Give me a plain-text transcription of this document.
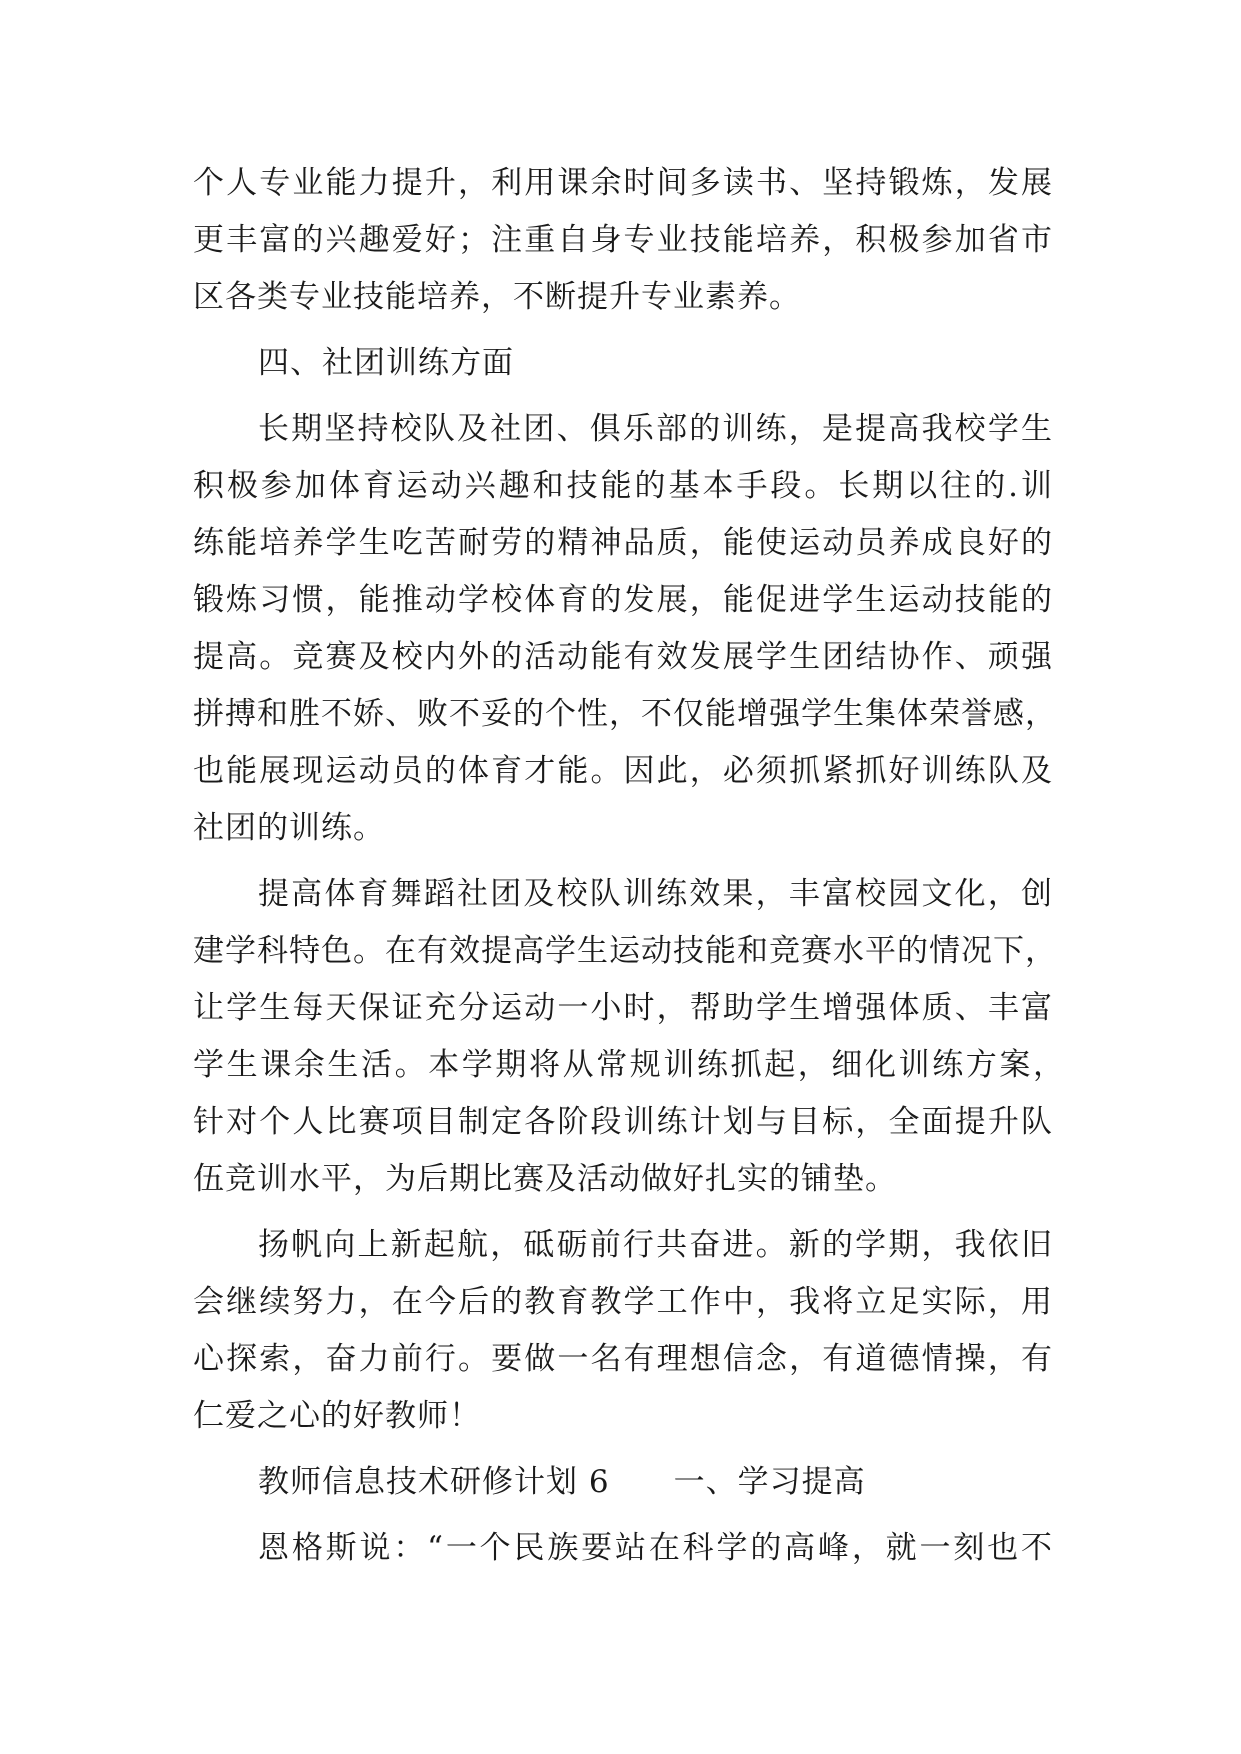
个人专业能力提升，利用课余时间多读书、坚持锻炼，发展
更丰富的兴趣爱好；注重自身专业技能培养，积极参加省市
区各类专业技能培养，不断提升专业素养。
四、社团训练方面
长期坚持校队及社团、俱乐部的训练，是提高我校学生
积极参加体育运动兴趣和技能的基本手段。长期以往的.训
练能培养学生吃苦耐劳的精神品质，能使运动员养成良好的
锻炼习惯，能推动学校体育的发展，能促进学生运动技能的
提高。竞赛及校内外的活动能有效发展学生团结协作、顽强
拼搏和胜不娇、败不妥的个性，不仅能增强学生集体荣誉感，
也能展现运动员的体育才能。因此，必须抓紧抓好训练队及
社团的训练。
提高体育舞蹈社团及校队训练效果，丰富校园文化，创
建学科特色。在有效提高学生运动技能和竞赛水平的情况下，
让学生每天保证充分运动一小时，帮助学生增强体质、丰富
学生课余生活。本学期将从常规训练抓起，细化训练方案，
针对个人比赛项目制定各阶段训练计划与目标，全面提升队
伍竞训水平，为后期比赛及活动做好扎实的铺垫。
扬帆向上新起航，砥砺前行共奋进。新的学期，我依旧
会继续努力，在今后的教育教学工作中，我将立足实际，用
心探索，奋力前行。要做一名有理想信念，有道德情操，有
仁爱之心的好教师！
教师信息技术研修计划 6　　一、学习提高
恩格斯说：“一个民族要站在科学的高峰，就一刻也不
